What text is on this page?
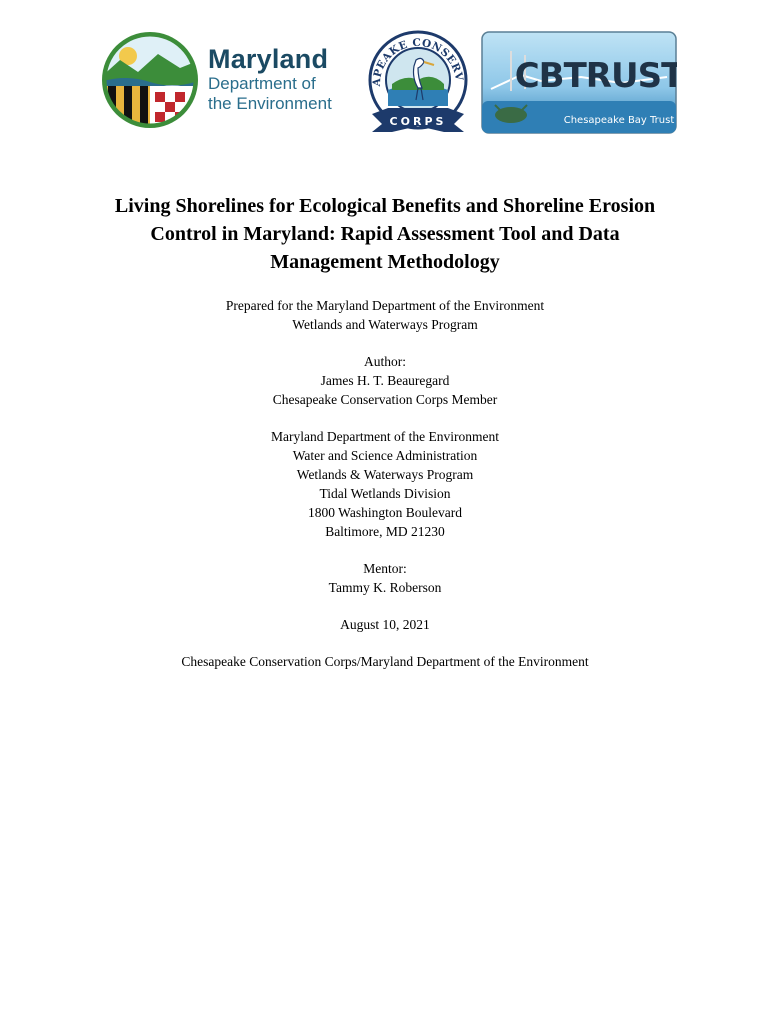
Maryland
Department of
the Environment
APEAKE CONSERV
CORPS
CBTRUST
Chesapeake Bay Trust
Living Shorelines for Ecological Benefits and Shoreline Erosion
Control in Maryland: Rapid Assessment Tool and Data
Management Methodology
Prepared for the Maryland Department of the Environment
Wetlands and Waterways Program
Author:
James H. T. Beauregard
Chesapeake Conservation Corps Member
Maryland Department of the Environment
Water and Science Administration
Wetlands & Waterways Program
Tidal Wetlands Division
1800 Washington Boulevard
Baltimore, MD 21230
Mentor:
Tammy K. Roberson
August 10, 2021
Chesapeake Conservation Corps/Maryland Department of the Environment
